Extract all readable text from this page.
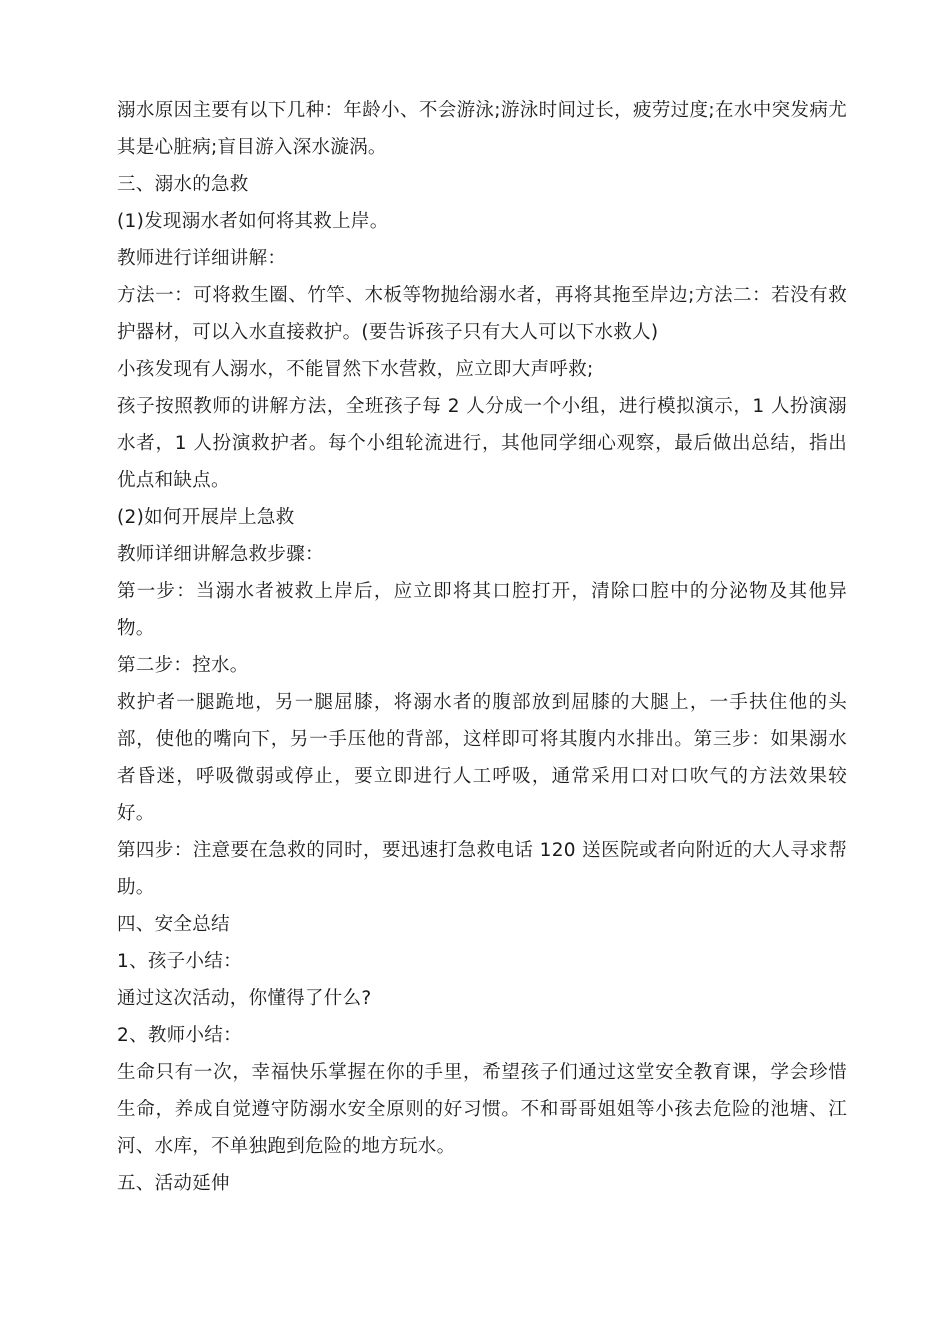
溺水原因主要有以下几种：年龄小、不会游泳;游泳时间过长，疲劳过度;在水中突发病尤其是心脏病;盲目游入深水漩涡。

三、溺水的急救

(1)发现溺水者如何将其救上岸。

教师进行详细讲解：

方法一：可将救生圈、竹竿、木板等物抛给溺水者，再将其拖至岸边;方法二：若没有救护器材，可以入水直接救护。(要告诉孩子只有大人可以下水救人)

小孩发现有人溺水，不能冒然下水营救，应立即大声呼救;

孩子按照教师的讲解方法，全班孩子每 2 人分成一个小组，进行模拟演示，1 人扮演溺水者，1 人扮演救护者。每个小组轮流进行，其他同学细心观察，最后做出总结，指出优点和缺点。

(2)如何开展岸上急救

教师详细讲解急救步骤：

第一步：当溺水者被救上岸后，应立即将其口腔打开，清除口腔中的分泌物及其他异物。

第二步：控水。

救护者一腿跪地，另一腿屈膝，将溺水者的腹部放到屈膝的大腿上，一手扶住他的头部，使他的嘴向下，另一手压他的背部，这样即可将其腹内水排出。第三步：如果溺水者昏迷，呼吸微弱或停止，要立即进行人工呼吸，通常采用口对口吹气的方法效果较好。

第四步：注意要在急救的同时，要迅速打急救电话 120 送医院或者向附近的大人寻求帮助。

四、安全总结

1、孩子小结：

通过这次活动，你懂得了什么?

2、教师小结：

生命只有一次，幸福快乐掌握在你的手里，希望孩子们通过这堂安全教育课，学会珍惜生命，养成自觉遵守防溺水安全原则的好习惯。不和哥哥姐姐等小孩去危险的池塘、江河、水库，不单独跑到危险的地方玩水。

五、活动延伸
